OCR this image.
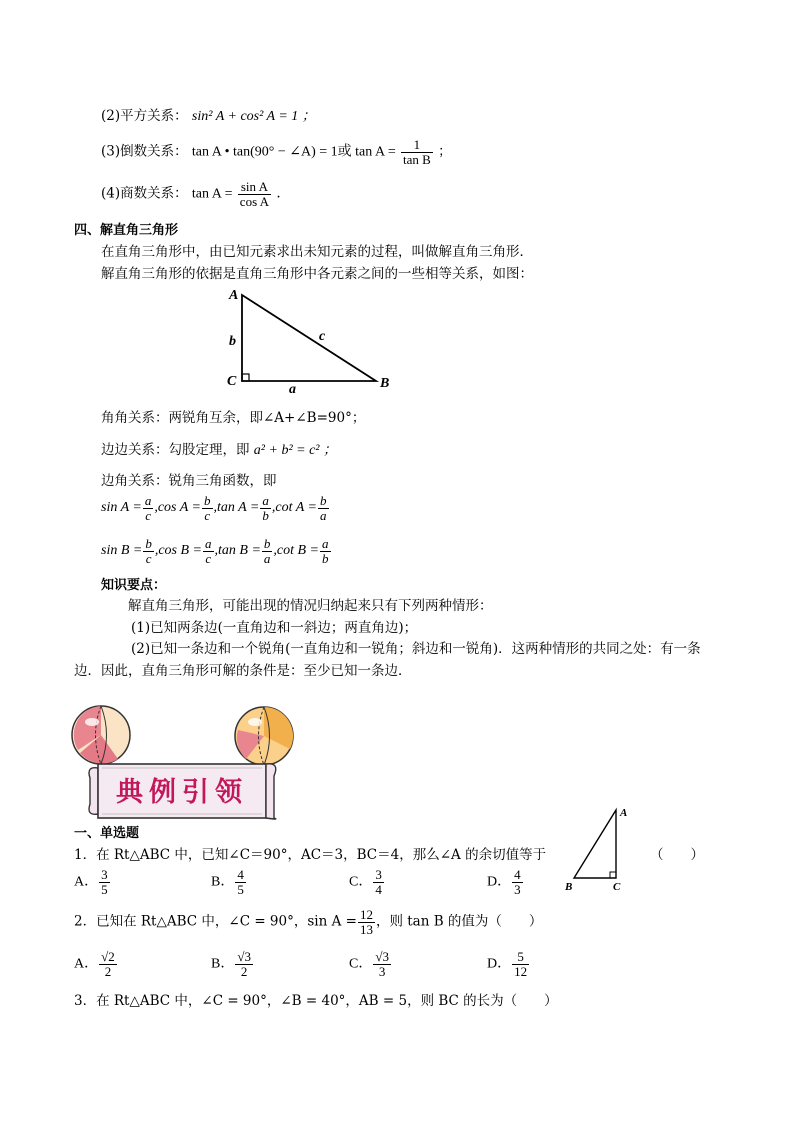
(2)平方关系： sin² A + cos² A = 1 ；
(3)倒数关系： tan A • tan(90° − ∠A) = 1或 $\tan A = \frac{1}{\text{tan B}}$ ；
(4)商数关系： $\tan A = \frac{\text{sin A}}{\text{cos A}}$ .
四、解直角三角形
在直角三角形中，由已知元素求出未知元素的过程，叫做解直角三角形．
解直角三角形的依据是直角三角形中各元素之间的一些相等关系，如图：
A
C	B
b	c
a
角角关系：两锐角互余，即∠A+∠B=90°；
边边关系：勾股定理，即 a² + b² = c² ；
边角关系：锐角三角函数，即
$\sin A = \frac{a}{c} ,\cos$ $A = \frac{b}{c} ,\tan$ $A = \frac{a}{b} ,\cot$ $A = \frac{b}{a}$
$\sin B = \frac{b}{c} ,\cos$ $B = \frac{a}{c} ,\tan$ $B = \frac{b}{a} ,\cot$ $B = \frac{a}{b}$
知识要点：
解直角三角形，可能出现的情况归纳起来只有下列两种情形：
(1)已知两条边(一直角边和一斜边；两直角边)；
(2)已知一条边和一个锐角(一直角边和一锐角；斜边和一锐角)．这两种情形的共同之处：有一条
边．因此，直角三角形可解的条件是：至少已知一条边．
典例引领
一、单选题
1．在 Rt△ABC 中，已知∠C＝90°，AC＝3，BC＝4，那么∠A 的余切值等于	（　　）
A
B	C
A． $\frac{3}{5}$	B． $\frac{4}{5}$	C． $\frac{3}{4}$	D． $\frac{4}{3}$
2．已知在 Rt△ABC 中，∠C = 90°，$\sin A = \frac{12}{13}$ ，则 tan B 的值为（　　）
A． $\frac{√2}{2}$	B． $\frac{√3}{2}$	C． $\frac{√3}{3}$	D． $\frac{5}{12}$
3．在 Rt△ABC 中，∠C = 90°，∠B = 40°，AB = 5，则 BC 的长为（　　）
